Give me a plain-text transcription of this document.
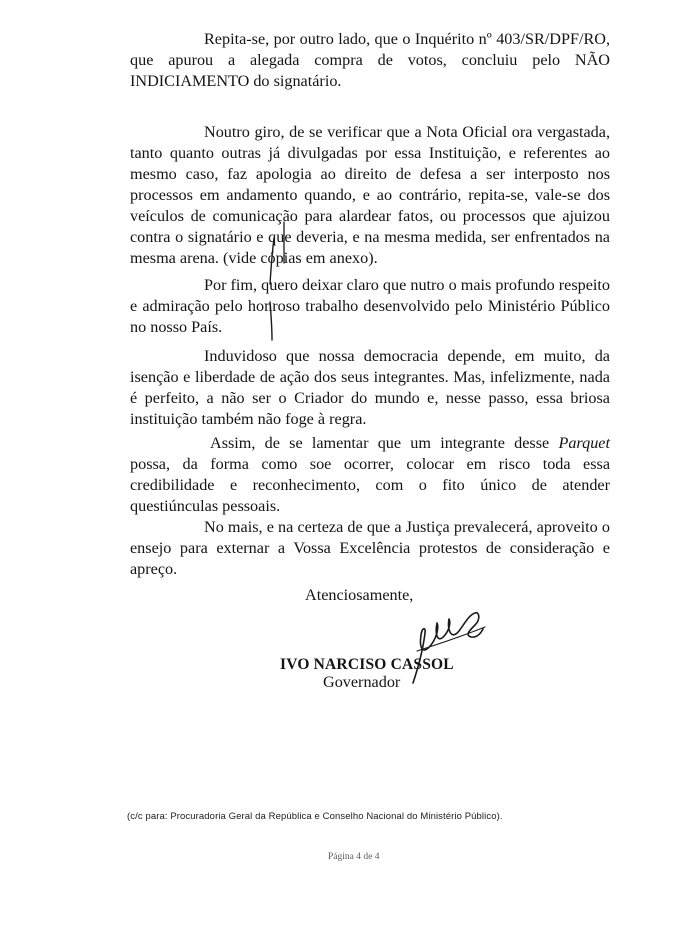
Repita-se, por outro lado, que o Inquérito nº 403/SR/DPF/RO, que apurou a alegada compra de votos, concluiu pelo NÃO INDICIAMENTO do signatário.

Noutro giro, de se verificar que a Nota Oficial ora vergastada, tanto quanto outras já divulgadas por essa Instituição, e referentes ao mesmo caso, faz apologia ao direito de defesa a ser interposto nos processos em andamento quando, e ao contrário, repita-se, vale-se dos veículos de comunicação para alardear fatos, ou processos que ajuizou contra o signatário e que deveria, e na mesma medida, ser enfrentados na mesma arena. (vide cópias em anexo).

Por fim, quero deixar claro que nutro o mais profundo respeito e admiração pelo honroso trabalho desenvolvido pelo Ministério Público no nosso País.

Induvidoso que nossa democracia depende, em muito, da isenção e liberdade de ação dos seus integrantes. Mas, infelizmente, nada é perfeito, a não ser o Criador do mundo e, nesse passo, essa briosa instituição também não foge à regra.

Assim, de se lamentar que um integrante desse Parquet possa, da forma como soe ocorrer, colocar em risco toda essa credibilidade e reconhecimento, com o fito único de atender questiúnculas pessoais.

No mais, e na certeza de que a Justiça prevalecerá, aproveito o ensejo para externar a Vossa Excelência protestos de consideração e apreço.

Atenciosamente,

IVO NARCISO CASSOL

Governador

(c/c para: Procuradoria Geral da República e Conselho Nacional do Ministério Público).

Página 4 de 4
